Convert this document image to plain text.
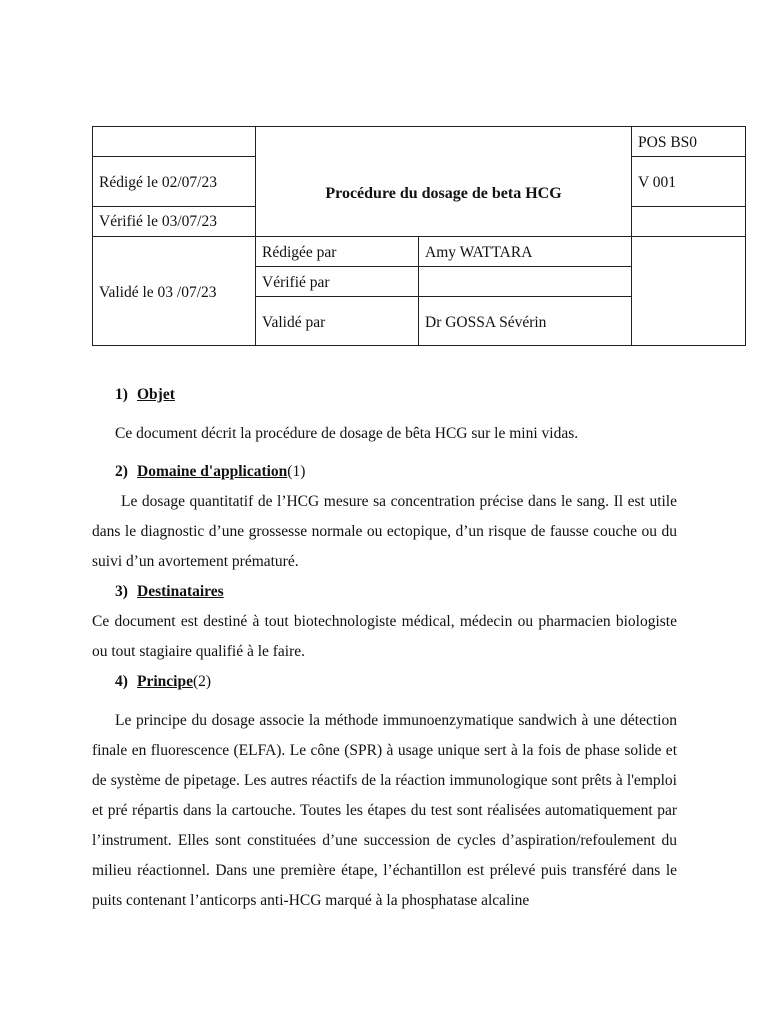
	Procédure du dosage de beta HCG		POS BS0
Rédigé le 02/07/23			V 001
Vérifié le 03/07/23			
Validé le 03 /07/23	Rédigée par	Amy WATTARA	
	Vérifié par		
	Validé par	Dr GOSSA Sévérin	
1) Objet

Ce document décrit la procédure de dosage de bêta HCG sur le mini vidas.

2) Domaine d'application(1)

Le dosage quantitatif de l’HCG mesure sa concentration précise dans le sang. Il est utile dans le diagnostic d’une grossesse normale ou ectopique, d’un risque de fausse couche ou du suivi d’un avortement prématuré.

3) Destinataires

Ce document est destiné à tout biotechnologiste médical, médecin ou pharmacien biologiste ou tout stagiaire qualifié à le faire.

4) Principe(2)

Le principe du dosage associe la méthode immunoenzymatique sandwich à une détection finale en fluorescence (ELFA). Le cône (SPR) à usage unique sert à la fois de phase solide et de système de pipetage. Les autres réactifs de la réaction immunologique sont prêts à l'emploi et pré répartis dans la cartouche. Toutes les étapes du test sont réalisées automatiquement par l’instrument. Elles sont constituées d’une succession de cycles d’aspiration/refoulement du milieu réactionnel. Dans une première étape, l’échantillon est prélevé puis transféré dans le puits contenant l’anticorps anti-HCG marqué à la phosphatase alcaline
